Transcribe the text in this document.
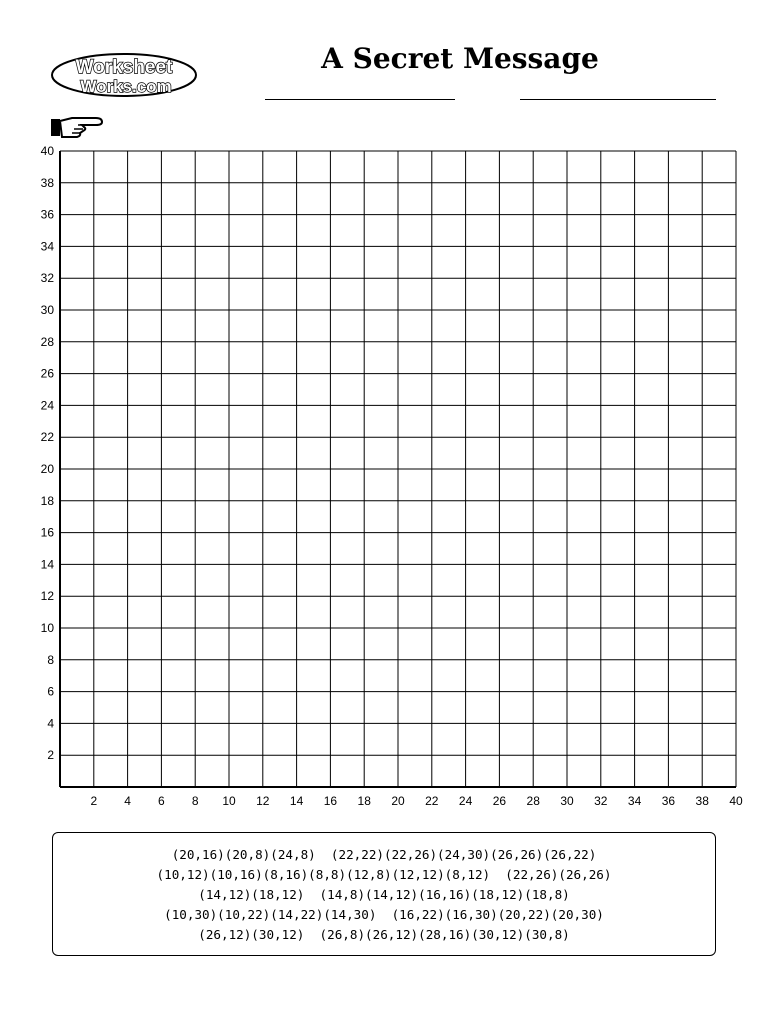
Worksheet
Works.com
A Secret Message
2
4
6
8
10
12
14
16
18
20
22
24
26
28
30
32
34
36
38
40
2 4 6 8 10 12 14 16 18 20 22 24 26 28 30 32 34 36 38 40
(20,16)(20,8)(24,8)  (22,22)(22,26)(24,30)(26,26)(26,22)
(10,12)(10,16)(8,16)(8,8)(12,8)(12,12)(8,12)  (22,26)(26,26)
(14,12)(18,12)  (14,8)(14,12)(16,16)(18,12)(18,8)
(10,30)(10,22)(14,22)(14,30)  (16,22)(16,30)(20,22)(20,30)
(26,12)(30,12)  (26,8)(26,12)(28,16)(30,12)(30,8)
